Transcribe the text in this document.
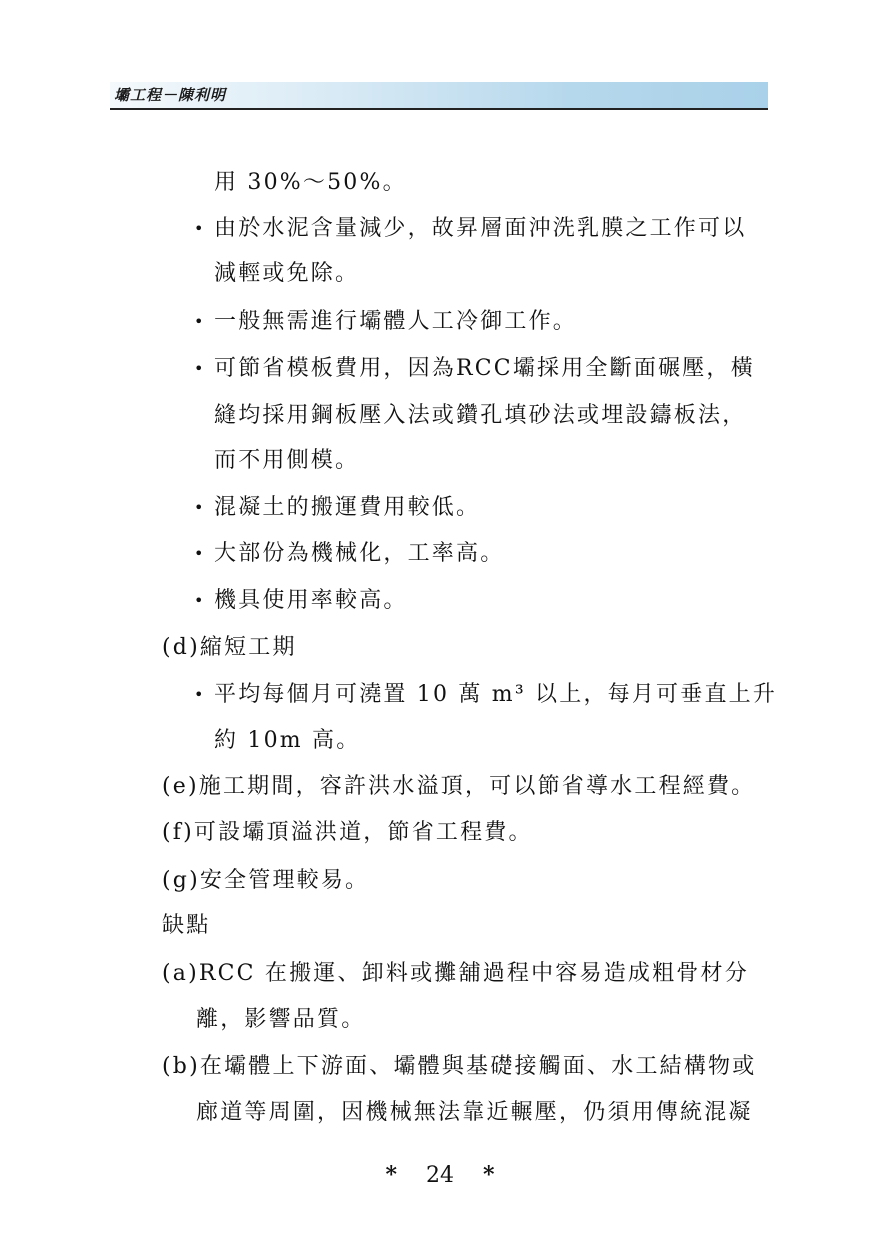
壩工程－陳利明
用 30%～50%。
• 由於水泥含量減少，故昇層面沖洗乳膜之工作可以
減輕或免除。
• 一般無需進行壩體人工冷御工作。
• 可節省模板費用，因為RCC壩採用全斷面碾壓，橫
縫均採用鋼板壓入法或鑽孔填砂法或埋設鑄板法，
而不用側模。
• 混凝土的搬運費用較低。
• 大部份為機械化，工率高。
• 機具使用率較高。
(d)縮短工期
• 平均每個月可澆置 10 萬 m³ 以上，每月可垂直上升
約 10m 高。
(e)施工期間，容許洪水溢頂，可以節省導水工程經費。
(f)可設壩頂溢洪道，節省工程費。
(g)安全管理較易。
缺點
(a)RCC 在搬運、卸料或攤舖過程中容易造成粗骨材分
離，影響品質。
(b)在壩體上下游面、壩體與基礎接觸面、水工結構物或
廊道等周圍，因機械無法靠近輾壓，仍須用傳統混凝
* 24 *
